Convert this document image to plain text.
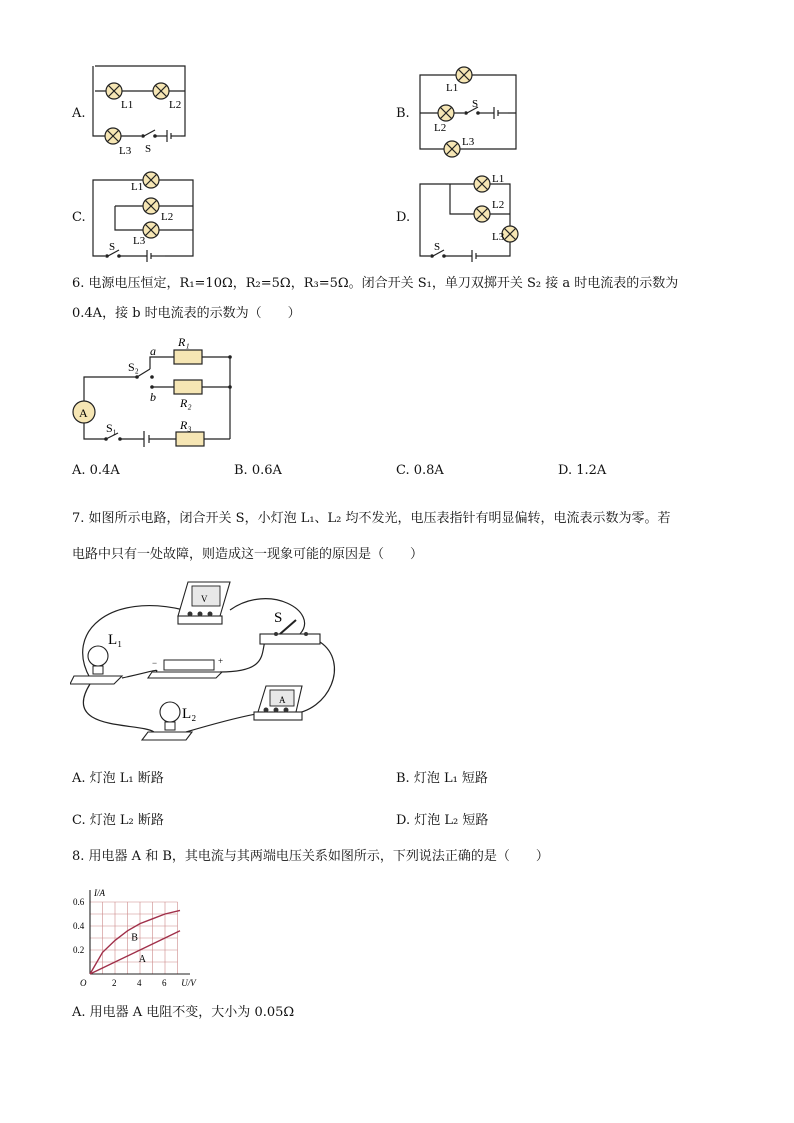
A.
L1	L2
L3 S
B.
L1
L2
L3
S
C.
L1
L2
L3
S
D.
L1
L2
L3
S
6. 电源电压恒定，R₁=10Ω，R₂=5Ω，R₃=5Ω。闭合开关 S₁，单刀双掷开关 S₂ 接 a 时电流表的示数为
0.4A，接 b 时电流表的示数为（　　）
A
a
b
R₁
R₂
R₃
S₂
S₁
A. 0.4A	B. 0.6A	C. 0.8A	D. 1.2A
7. 如图所示电路，闭合开关 S，小灯泡 L₁、L₂ 均不发光，电压表指针有明显偏转，电流表示数为零。若
电路中只有一处故障，则造成这一现象可能的原因是（　　）
V
S
L₁
−	+
L₂
A
A. 灯泡 L₁ 断路	B. 灯泡 L₁ 短路
C. 灯泡 L₂ 断路	D. 灯泡 L₂ 短路
8. 用电器 A 和 B，其电流与其两端电压关系如图所示，下列说法正确的是（　　）
2 4 6
0.2
0.4
0.6
O
I/A
U/V
A
B
A. 用电器 A 电阻不变，大小为 0.05Ω
